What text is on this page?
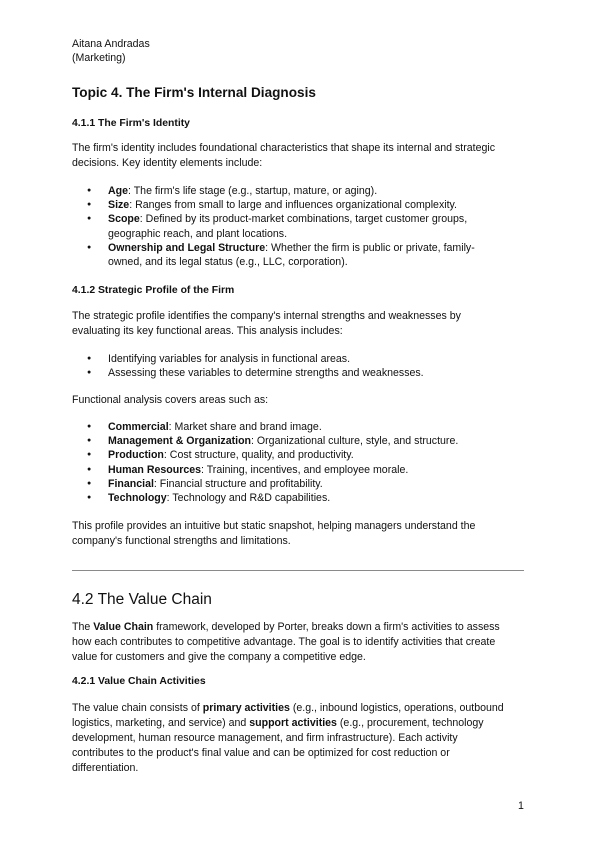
Aitana Andradas
(Marketing)
Topic 4. The Firm's Internal Diagnosis
4.1.1 The Firm's Identity
The firm's identity includes foundational characteristics that shape its internal and strategic
decisions. Key identity elements include:
● Age: The firm's life stage (e.g., startup, mature, or aging).
● Size: Ranges from small to large and influences organizational complexity.
● Scope: Defined by its product-market combinations, target customer groups, geographic reach, and plant locations.
● Ownership and Legal Structure: Whether the firm is public or private, family-owned, and its legal status (e.g., LLC, corporation).
4.1.2 Strategic Profile of the Firm
The strategic profile identifies the company's internal strengths and weaknesses by
evaluating its key functional areas. This analysis includes:
● Identifying variables for analysis in functional areas.
● Assessing these variables to determine strengths and weaknesses.
Functional analysis covers areas such as:
● Commercial: Market share and brand image.
● Management & Organization: Organizational culture, style, and structure.
● Production: Cost structure, quality, and productivity.
● Human Resources: Training, incentives, and employee morale.
● Financial: Financial structure and profitability.
● Technology: Technology and R&D capabilities.
This profile provides an intuitive but static snapshot, helping managers understand the
company's functional strengths and limitations.
4.2 The Value Chain
The Value Chain framework, developed by Porter, breaks down a firm's activities to assess
how each contributes to competitive advantage. The goal is to identify activities that create
value for customers and give the company a competitive edge.
4.2.1 Value Chain Activities
The value chain consists of primary activities (e.g., inbound logistics, operations, outbound
logistics, marketing, and service) and support activities (e.g., procurement, technology
development, human resource management, and firm infrastructure). Each activity
contributes to the product's final value and can be optimized for cost reduction or
differentiation.
1
